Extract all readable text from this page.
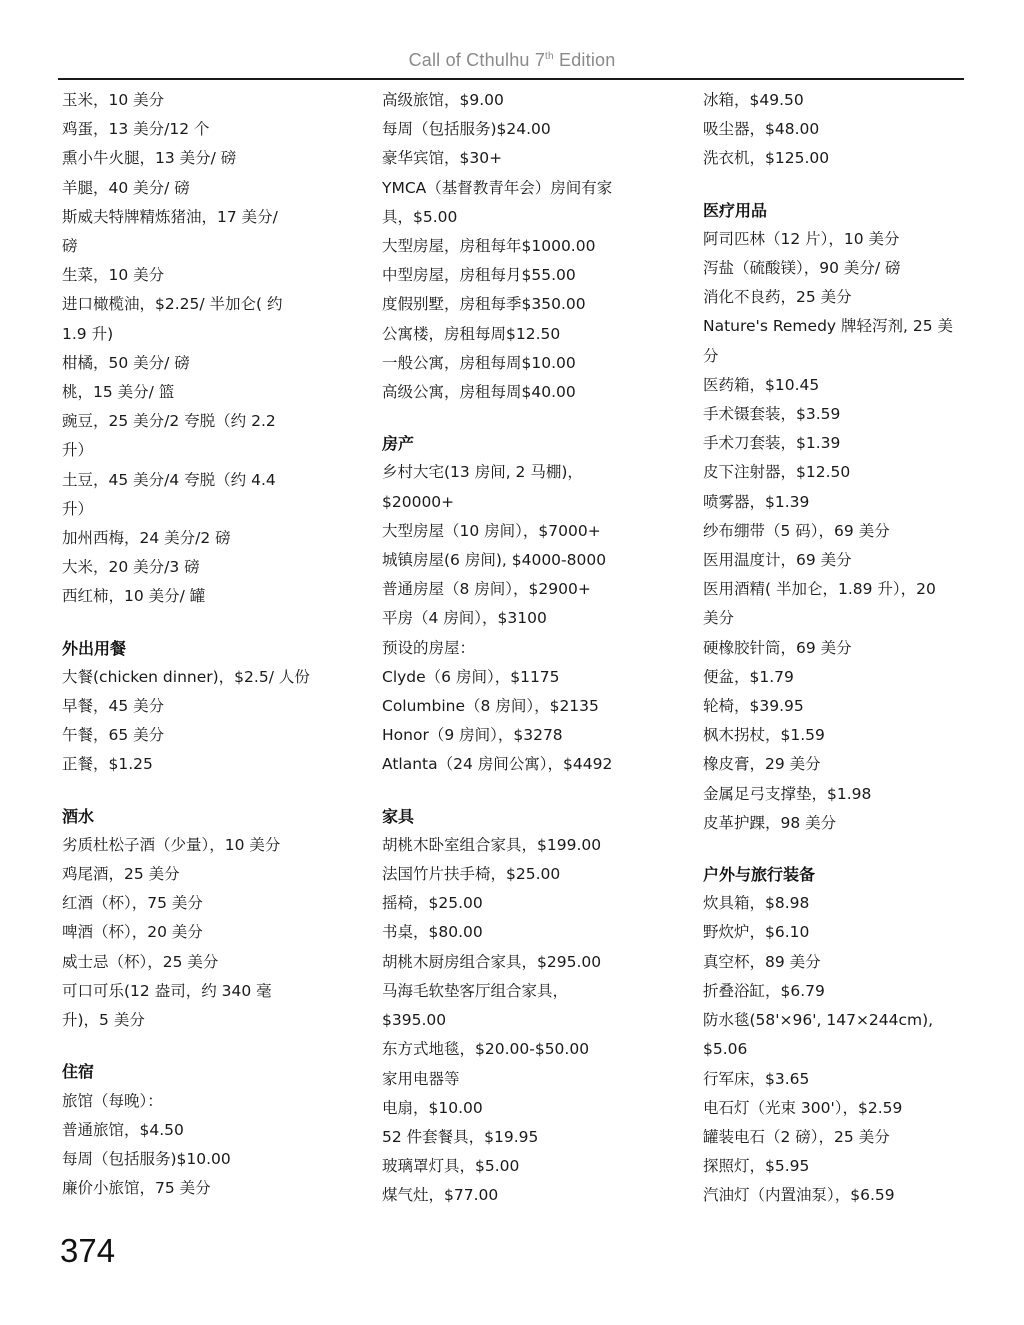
Call of Cthulhu 7th Edition
玉米，10 美分
鸡蛋，13 美分/12 个
熏小牛火腿，13 美分/ 磅
羊腿，40 美分/ 磅
斯威夫特牌精炼猪油，17 美分/
磅
生菜，10 美分
进口橄榄油，$2.25/ 半加仑( 约
1.9 升)
柑橘，50 美分/ 磅
桃，15 美分/ 篮
豌豆，25 美分/2 夸脱（约 2.2
升）
土豆，45 美分/4 夸脱（约 4.4
升）
加州西梅，24 美分/2 磅
大米，20 美分/3 磅
西红柿，10 美分/ 罐
外出用餐
大餐(chicken dinner)，$2.5/ 人份
早餐，45 美分
午餐，65 美分
正餐，$1.25
酒水
劣质杜松子酒（少量），10 美分
鸡尾酒，25 美分
红酒（杯），75 美分
啤酒（杯），20 美分
威士忌（杯），25 美分
可口可乐(12 盎司，约 340 毫
升)，5 美分
住宿
旅馆（每晚）：
普通旅馆，$4.50
每周（包括服务)$10.00
廉价小旅馆，75 美分
高级旅馆，$9.00
每周（包括服务)$24.00
豪华宾馆，$30+
YMCA（基督教青年会）房间有家
具，$5.00
大型房屋，房租每年$1000.00
中型房屋，房租每月$55.00
度假别墅，房租每季$350.00
公寓楼，房租每周$12.50
一般公寓，房租每周$10.00
高级公寓，房租每周$40.00
房产
乡村大宅(13 房间, 2 马棚)，
$20000+
大型房屋（10 房间），$7000+
城镇房屋(6 房间), $4000-8000
普通房屋（8 房间），$2900+
平房（4 房间），$3100
预设的房屋：
Clyde（6 房间），$1175
Columbine（8 房间），$2135
Honor（9 房间），$3278
Atlanta（24 房间公寓），$4492
家具
胡桃木卧室组合家具，$199.00
法国竹片扶手椅，$25.00
摇椅，$25.00
书桌，$80.00
胡桃木厨房组合家具，$295.00
马海毛软垫客厅组合家具，
$395.00
东方式地毯，$20.00-$50.00
家用电器等
电扇，$10.00
52 件套餐具，$19.95
玻璃罩灯具，$5.00
煤气灶，$77.00
冰箱，$49.50
吸尘器，$48.00
洗衣机，$125.00
医疗用品
阿司匹林（12 片），10 美分
泻盐（硫酸镁），90 美分/ 磅
消化不良药，25 美分
Nature's Remedy 牌轻泻剂, 25 美
分
医药箱，$10.45
手术镊套装，$3.59
手术刀套装，$1.39
皮下注射器，$12.50
喷雾器，$1.39
纱布绷带（5 码），69 美分
医用温度计，69 美分
医用酒精( 半加仑，1.89 升），20
美分
硬橡胶针筒，69 美分
便盆，$1.79
轮椅，$39.95
枫木拐杖，$1.59
橡皮膏，29 美分
金属足弓支撑垫，$1.98
皮革护踝，98 美分
户外与旅行装备
炊具箱，$8.98
野炊炉，$6.10
真空杯，89 美分
折叠浴缸，$6.79
防水毯(58'×96', 147×244cm),
$5.06
行军床，$3.65
电石灯（光束 300'），$2.59
罐装电石（2 磅），25 美分
探照灯，$5.95
汽油灯（内置油泵），$6.59
374
